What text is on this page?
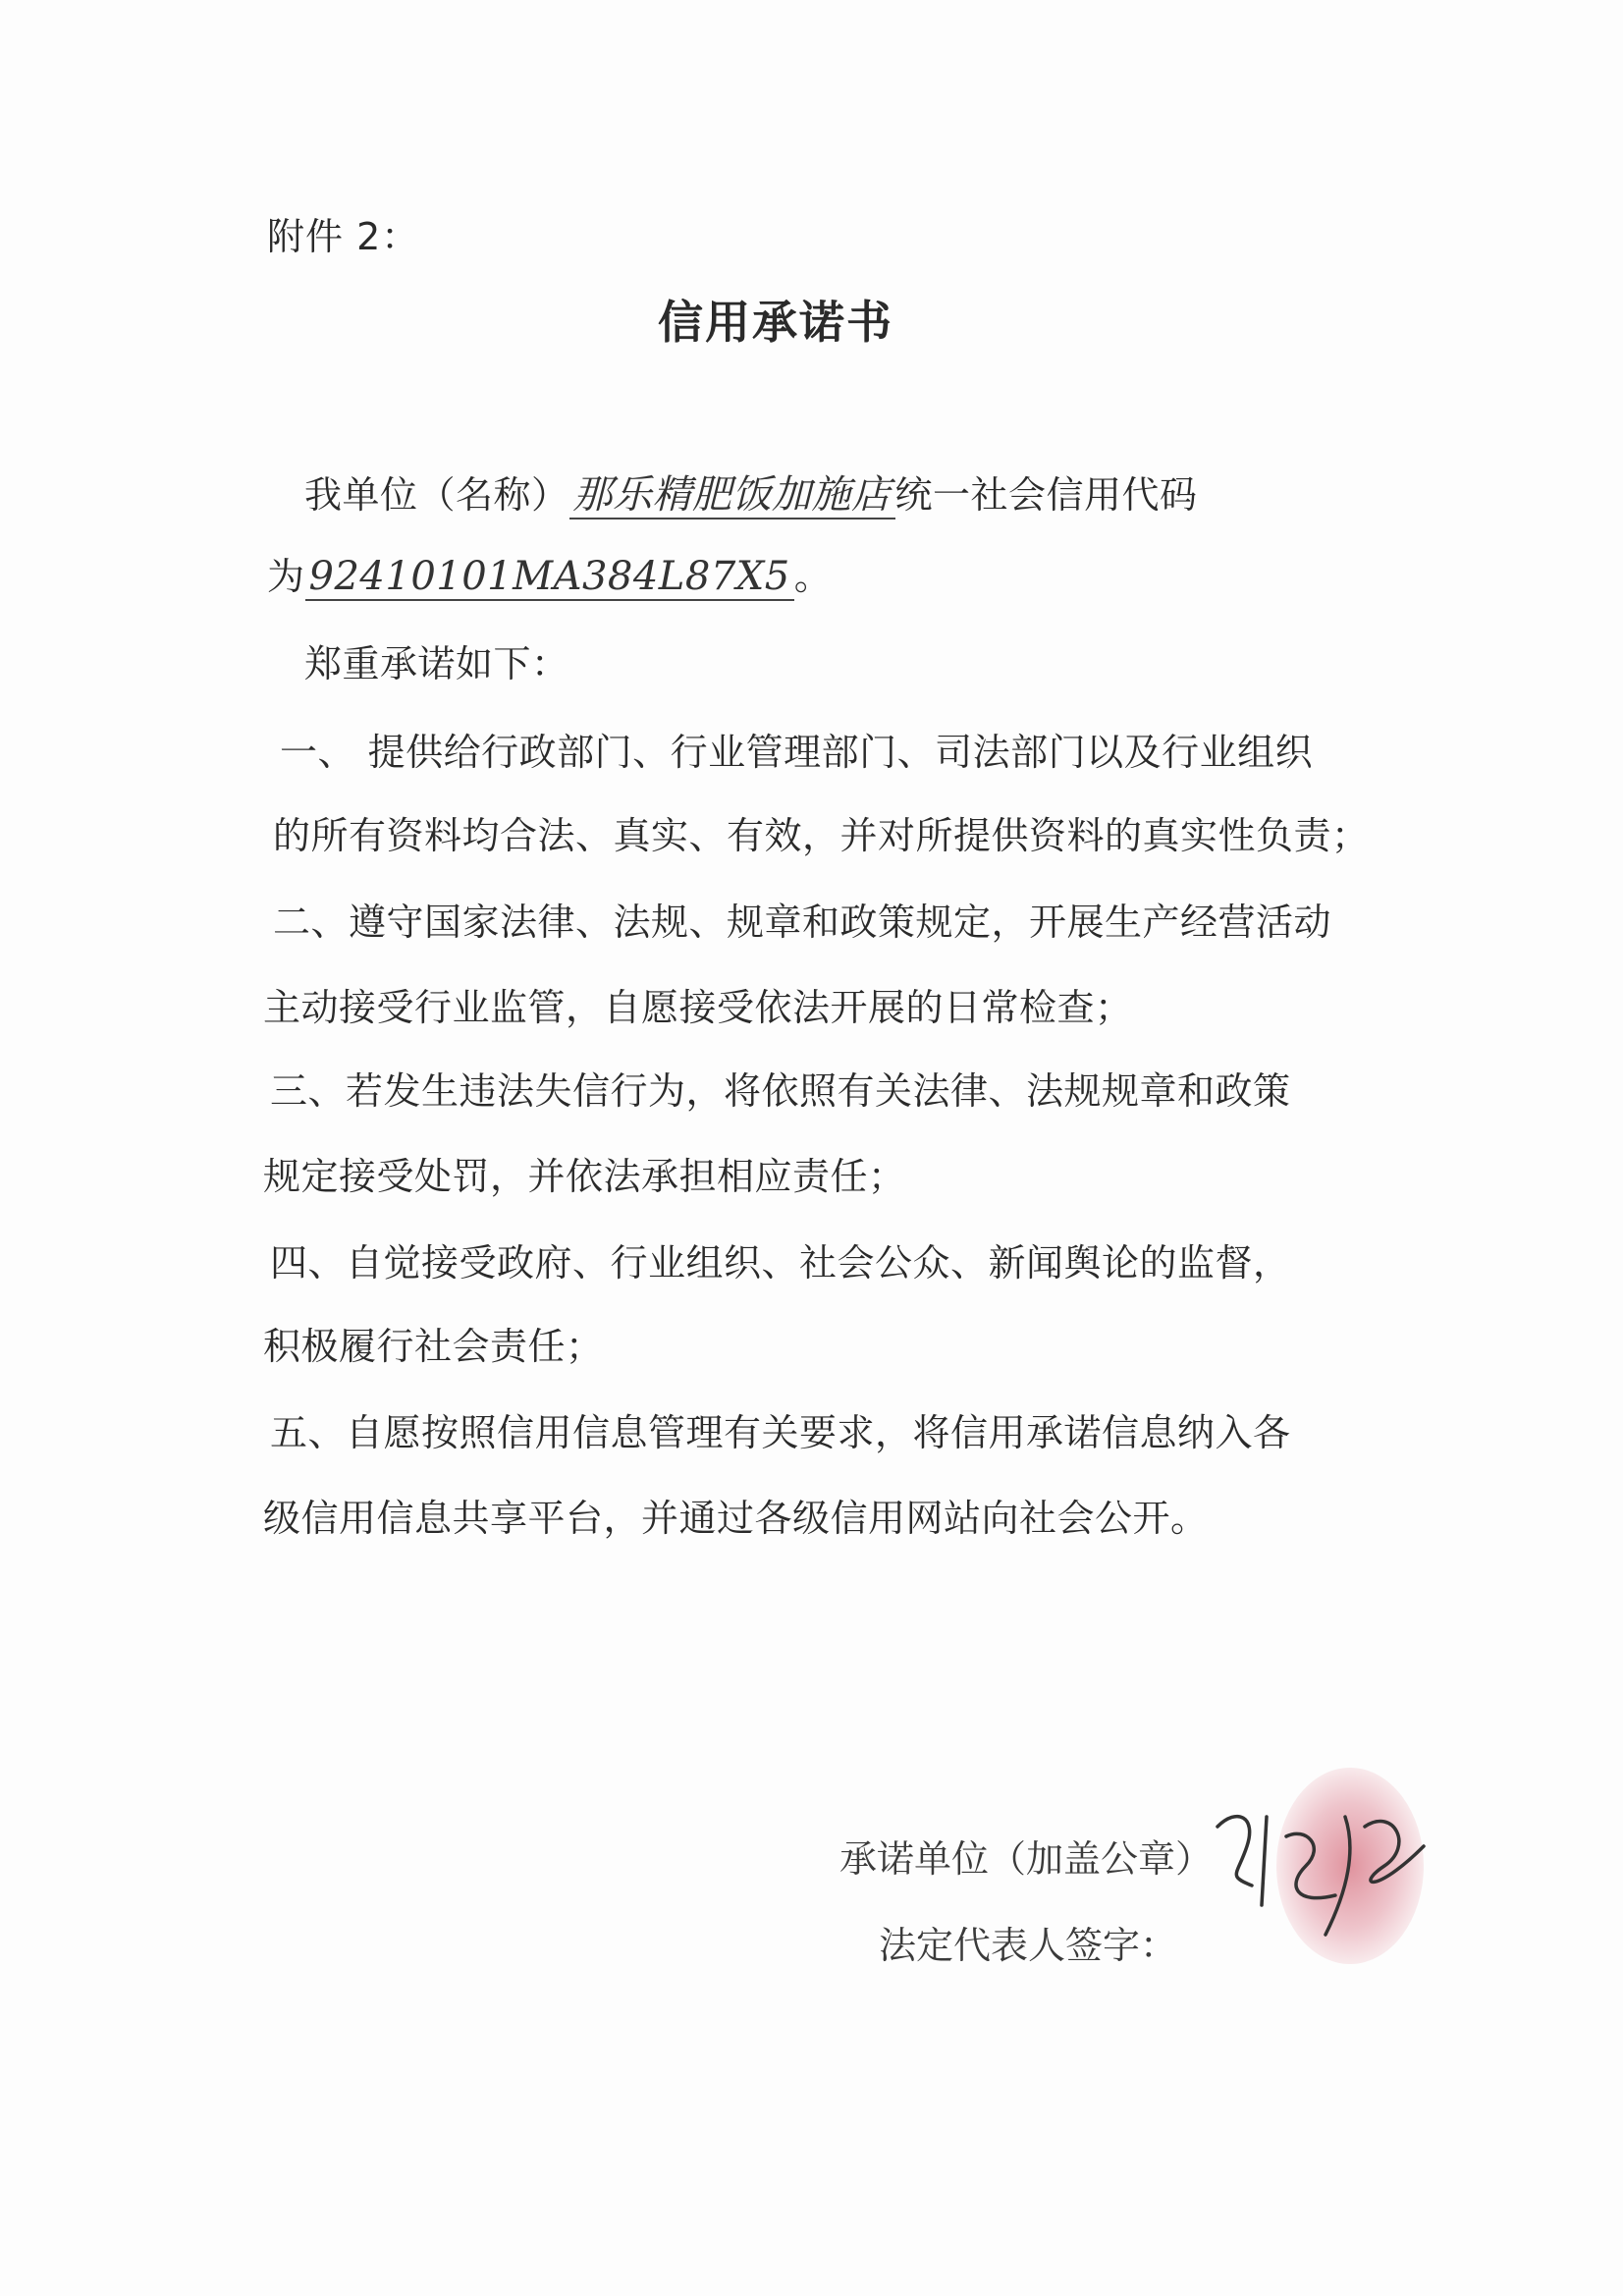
附件 2：
信用承诺书
我单位（名称） 那乐精肥饭加施店 统一社会信用代码
为 92410101MA384L87X5 。
郑重承诺如下：
一、 提供给行政部门、行业管理部门、司法部门以及行业组织
的所有资料均合法、真实、有效，并对所提供资料的真实性负责；
二、遵守国家法律、法规、规章和政策规定，开展生产经营活动
主动接受行业监管，自愿接受依法开展的日常检查；
三、若发生违法失信行为，将依照有关法律、法规规章和政策
规定接受处罚，并依法承担相应责任；
四、自觉接受政府、行业组织、社会公众、新闻舆论的监督，
积极履行社会责任；
五、自愿按照信用信息管理有关要求，将信用承诺信息纳入各
级信用信息共享平台，并通过各级信用网站向社会公开。
承诺单位（加盖公章）
法定代表人签字：
